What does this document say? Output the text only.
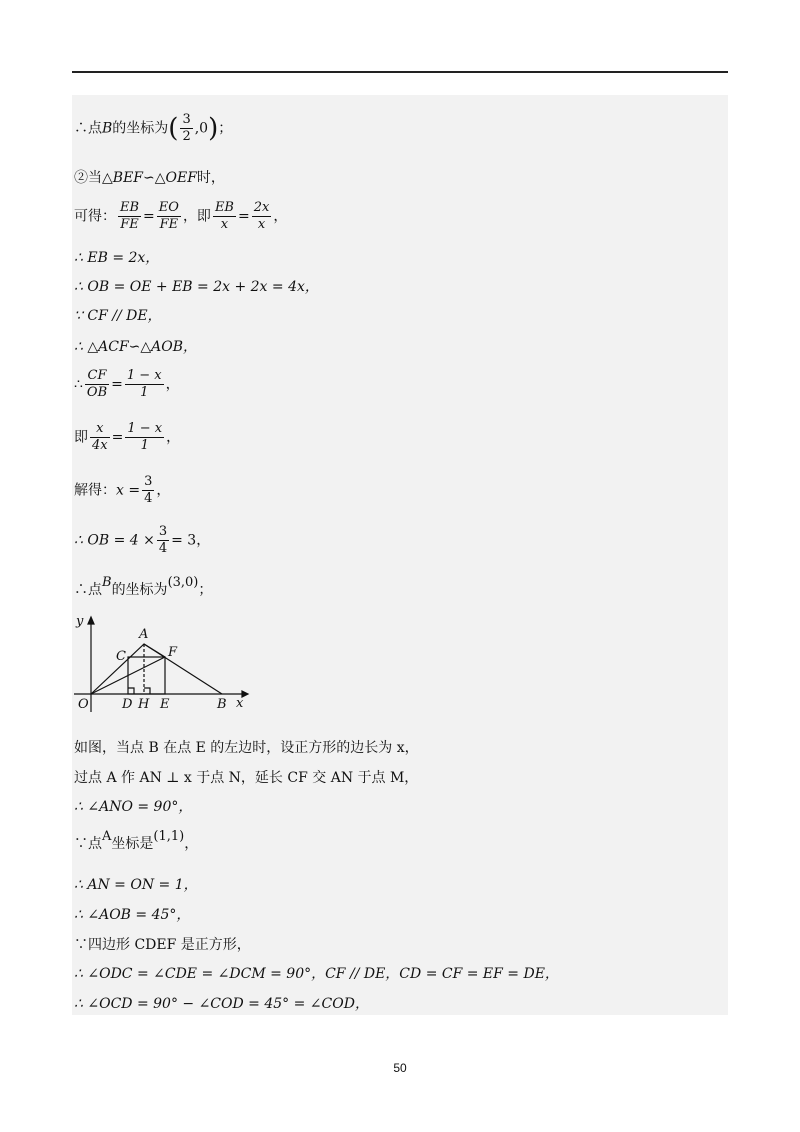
∴点B的坐标为( $\frac{3}{2} ,0$)；
②当△BEF∽△OEF时，
可得： $\frac{EB}{FE} = \frac{EO}{FE}$ ，即 $\frac{EB}{x} = \frac{2x}{x}$ ，
∴ EB = 2x，
∴ OB = OE + EB = 2x + 2x = 4x，
∵ CF // DE，
∴ △ACF∽△AOB，
∴ $\frac{CF}{OB} = \frac{1 - x}{1}$ ，
即 $\frac{x}{4x} = \frac{1 - x}{1}$ ，
解得：$x = \frac{3}{4}$ ，
∴ OB = $4 \times \frac{3}{4} = 3$，
∴点B的坐标为(3,0)；
y
x
O
A
C	F
D H E	B
如图，当点 B 在点 E 的左边时，设正方形的边长为 x，
过点 A 作 AN ⊥ x 于点 N，延长 CF 交 AN 于点 M，
∴ ∠ANO = 90°，
∵点A坐标是(1,1)，
∴ AN = ON = 1，
∴ ∠AOB = 45°，
∵四边形 CDEF 是正方形，
∴ ∠ODC = ∠CDE = ∠DCM = 90°，CF // DE，CD = CF = EF = DE，
∴ ∠OCD = 90° − ∠COD = 45° = ∠COD，
50
